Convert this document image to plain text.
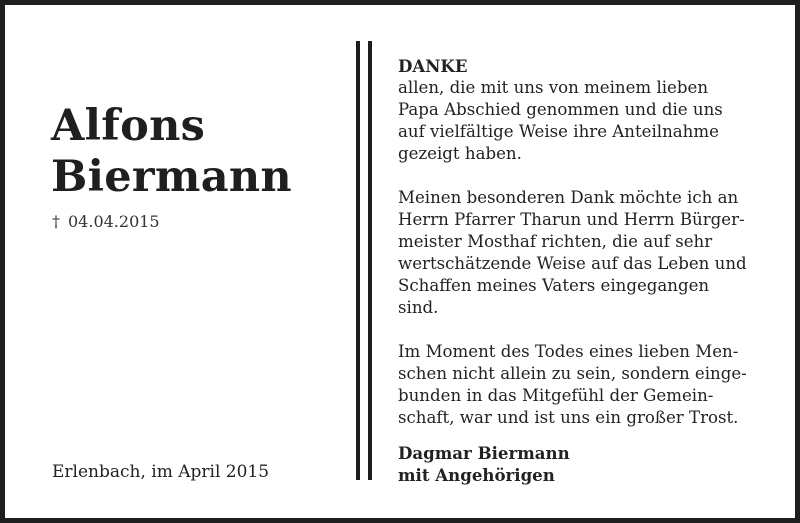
Alfons
Biermann
† 04.04.2015
Erlenbach, im April 2015
DANKE
allen, die mit uns von meinem lieben
Papa Abschied genommen und die uns
auf vielfältige Weise ihre Anteilnahme
gezeigt haben.
Meinen besonderen Dank möchte ich an
Herrn Pfarrer Tharun und Herrn Bürger-
meister Mosthaf richten, die auf sehr
wertschätzende Weise auf das Leben und
Schaffen meines Vaters eingegangen
sind.
Im Moment des Todes eines lieben Men-
schen nicht allein zu sein, sondern einge-
bunden in das Mitgefühl der Gemein-
schaft, war und ist uns ein großer Trost.
Dagmar Biermann
mit Angehörigen
